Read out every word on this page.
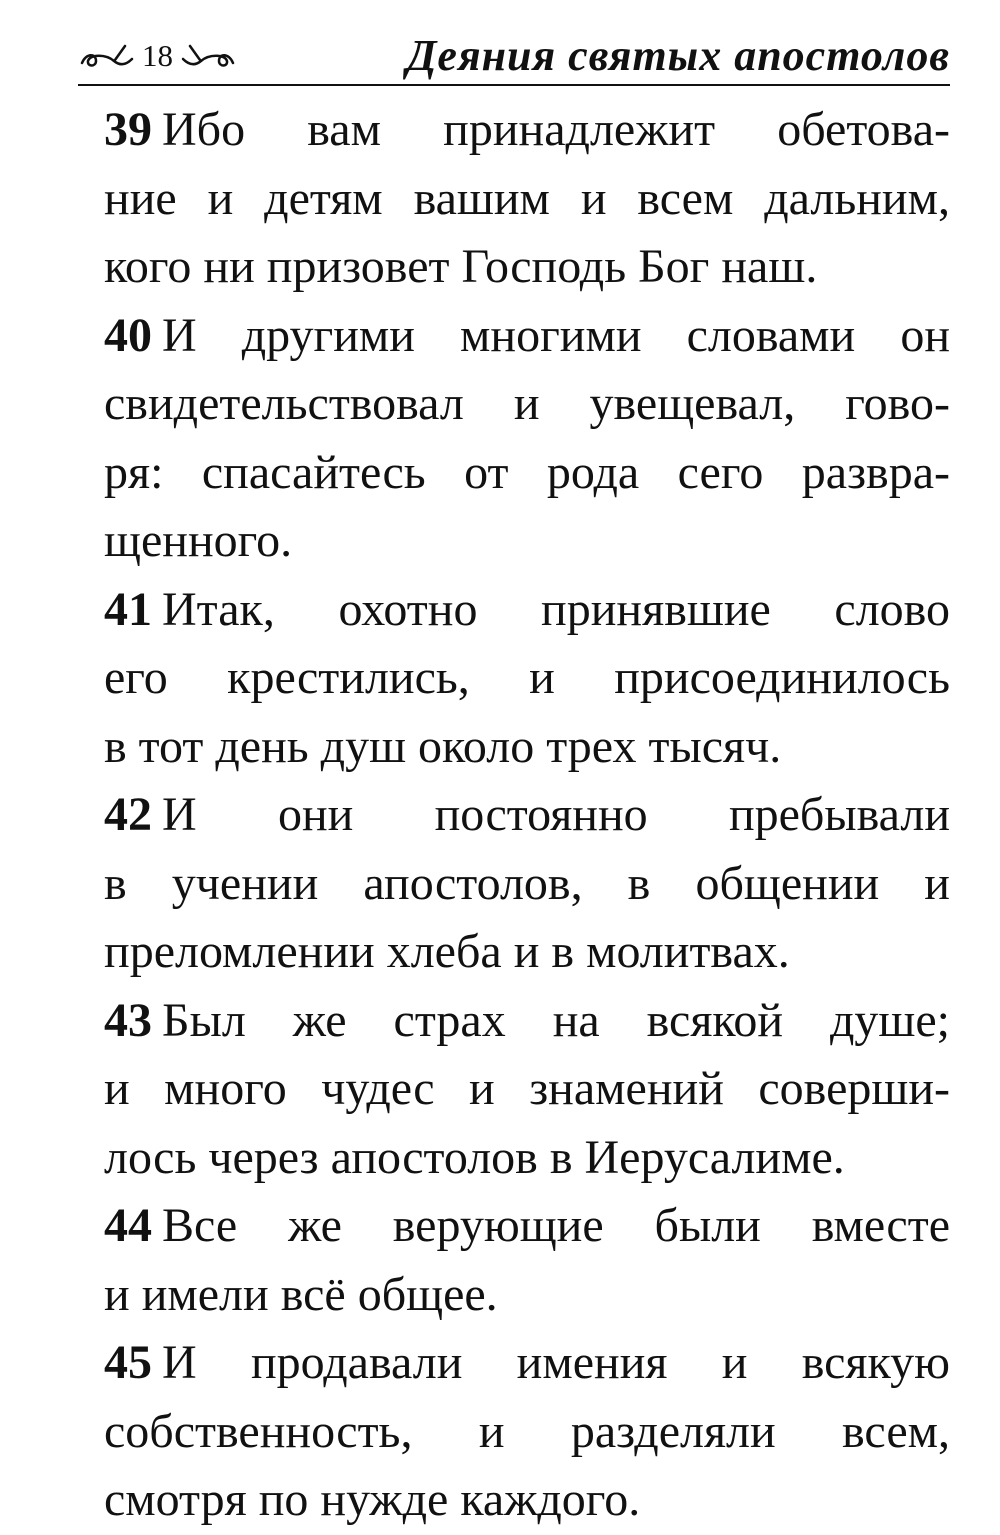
18	Деяния святых апостолов

39 Ибо вам принадлежит обетова-
ние и детям вашим и всем дальним,
кого ни призовет Господь Бог наш.

40 И другими многими словами он
свидетельствовал и увещевал, гово-
ря: спасайтесь от рода сего развра-
щенного.

41 Итак, охотно принявшие слово
его крестились, и присоединилось
в тот день душ около трех тысяч.

42 И они постоянно пребывали
в учении апостолов, в общении и
преломлении хлеба и в молитвах.

43 Был же страх на всякой душе;
и много чудес и знамений соверши-
лось через апостолов в Иерусалиме.

44 Все же верующие были вместе
и имели всё общее.

45 И продавали имения и всякую
собственность, и разделяли всем,
смотря по нужде каждого.
